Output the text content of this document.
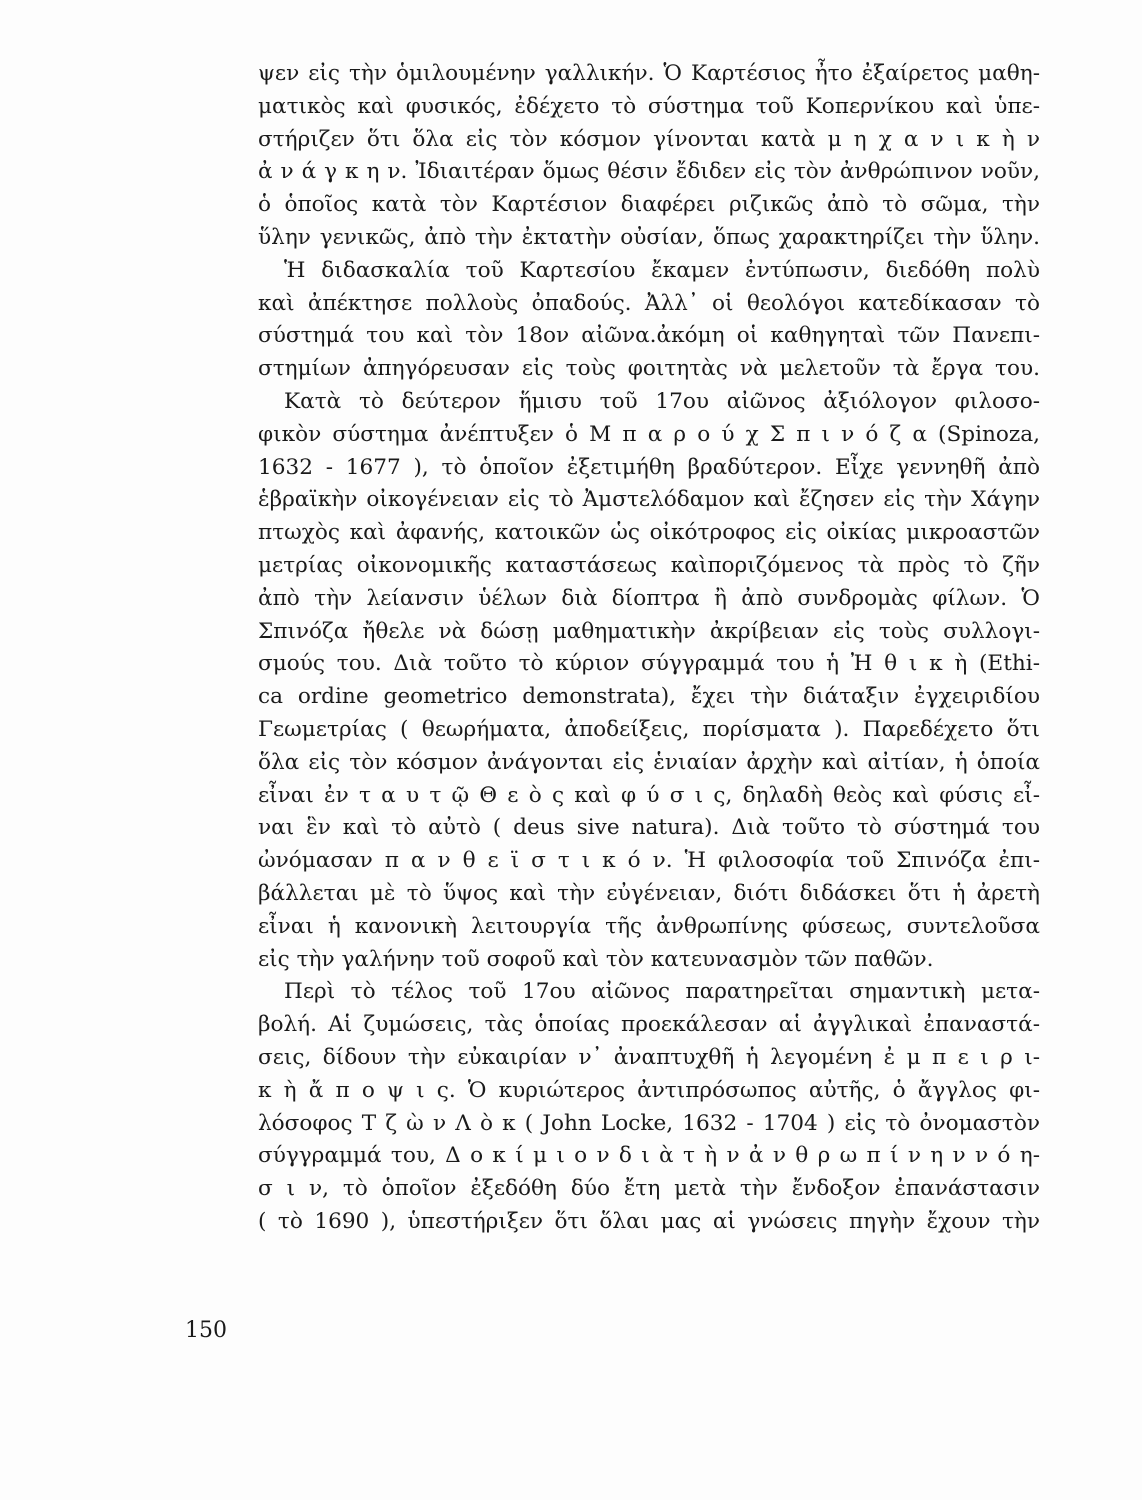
ψεν εἰς τὴν ὁμιλουμένην γαλλικήν. Ὁ Καρτέσιος ἦτο ἐξαίρετος μαθη-
ματικὸς καὶ φυσικός, ἐδέχετο τὸ σύστημα τοῦ Κοπερνίκου καὶ ὑπε-
στήριζεν ὅτι ὅλα εἰς τὸν κόσμον γίνονται κατὰ μ η χ α ν ι κ ὴ ν
ἀ ν ά γ κ η ν. Ἰδιαιτέραν ὅμως θέσιν ἔδιδεν εἰς τὸν ἀνθρώπινον νοῦν,
ὁ ὁποῖος κατὰ τὸν Καρτέσιον διαφέρει ριζικῶς ἀπὸ τὸ σῶμα, τὴν
ὕλην γενικῶς, ἀπὸ τὴν ἐκτατὴν οὐσίαν, ὅπως χαρακτηρίζει τὴν ὕλην.
Ἡ διδασκαλία τοῦ Καρτεσίου ἔκαμεν ἐντύπωσιν, διεδόθη πολὺ
καὶ ἀπέκτησε πολλοὺς ὀπαδούς. Ἀλλ᾽ οἱ θεολόγοι κατεδίκασαν τὸ
σύστημά του καὶ τὸν 18ον αἰῶνα.ἀκόμη οἱ καθηγηταὶ τῶν Πανεπι-
στημίων ἀπηγόρευσαν εἰς τοὺς φοιτητὰς νὰ μελετοῦν τὰ ἔργα του.
Κατὰ τὸ δεύτερον ἥμισυ τοῦ 17ου αἰῶνος ἀξιόλογον φιλοσο-
φικὸν σύστημα ἀνέπτυξεν ὁ Μ π α ρ ο ύ χ Σ π ι ν ό ζ α (Spinoza,
1632 - 1677 ), τὸ ὁποῖον ἐξετιμήθη βραδύτερον. Εἶχε γεννηθῆ ἀπὸ
ἑβραϊκὴν οἰκογένειαν εἰς τὸ Ἀμστελόδαμον καὶ ἔζησεν εἰς τὴν Χάγην
πτωχὸς καὶ ἀφανής, κατοικῶν ὡς οἰκότροφος εἰς οἰκίας μικροαστῶν
μετρίας οἰκονομικῆς καταστάσεως καὶποριζόμενος τὰ πρὸς τὸ ζῆν
ἀπὸ τὴν λείανσιν ὑέλων διὰ δίοπτρα ἢ ἀπὸ συνδρομὰς φίλων. Ὁ
Σπινόζα ἤθελε νὰ δώσῃ μαθηματικὴν ἀκρίβειαν εἰς τοὺς συλλογι-
σμούς του. Διὰ τοῦτο τὸ κύριον σύγγραμμά του ἡ Ἠ θ ι κ ὴ (Ethi-
ca ordine geometrico demonstrata), ἔχει τὴν διάταξιν ἐγχειριδίου
Γεωμετρίας ( θεωρήματα, ἀποδείξεις, πορίσματα ). Παρεδέχετο ὅτι
ὅλα εἰς τὸν κόσμον ἀνάγονται εἰς ἑνιαίαν ἀρχὴν καὶ αἰτίαν, ἡ ὁποία
εἶναι ἐν τ α υ τ ῷ Θ ε ὸ ς καὶ φ ύ σ ι ς, δηλαδὴ θεὸς καὶ φύσις εἶ-
ναι ἓν καὶ τὸ αὐτὸ ( deus sive natura). Διὰ τοῦτο τὸ σύστημά του
ὠνόμασαν π α ν θ ε ϊ σ τ ι κ ό ν. Ἡ φιλοσοφία τοῦ Σπινόζα ἐπι-
βάλλεται μὲ τὸ ὕψος καὶ τὴν εὐγένειαν, διότι διδάσκει ὅτι ἡ ἀρετὴ
εἶναι ἡ κανονικὴ λειτουργία τῆς ἀνθρωπίνης φύσεως, συντελοῦσα
εἰς τὴν γαλήνην τοῦ σοφοῦ καὶ τὸν κατευνασμὸν τῶν παθῶν.
Περὶ τὸ τέλος τοῦ 17ου αἰῶνος παρατηρεῖται σημαντικὴ μετα-
βολή. Αἱ ζυμώσεις, τὰς ὁποίας προεκάλεσαν αἱ ἀγγλικαὶ ἐπαναστά-
σεις, δίδουν τὴν εὐκαιρίαν ν᾽ ἀναπτυχθῆ ἡ λεγομένη ἐ μ π ε ι ρ ι-
κ ὴ ἄ π ο ψ ι ς. Ὁ κυριώτερος ἀντιπρόσωπος αὐτῆς, ὁ ἄγγλος φι-
λόσοφος Τ ζ ὼ ν Λ ὸ κ ( John Locke, 1632 - 1704 ) εἰς τὸ ὀνομαστὸν
σύγγραμμά του, Δ ο κ ί μ ι ο ν δ ι ὰ τ ὴ ν ἀ ν θ ρ ω π ί ν η ν ν ό η-
σ ι ν, τὸ ὁποῖον ἐξεδόθη δύο ἔτη μετὰ τὴν ἔνδοξον ἐπανάστασιν
( τὸ 1690 ), ὑπεστήριξεν ὅτι ὅλαι μας αἱ γνώσεις πηγὴν ἔχουν τὴν
150
